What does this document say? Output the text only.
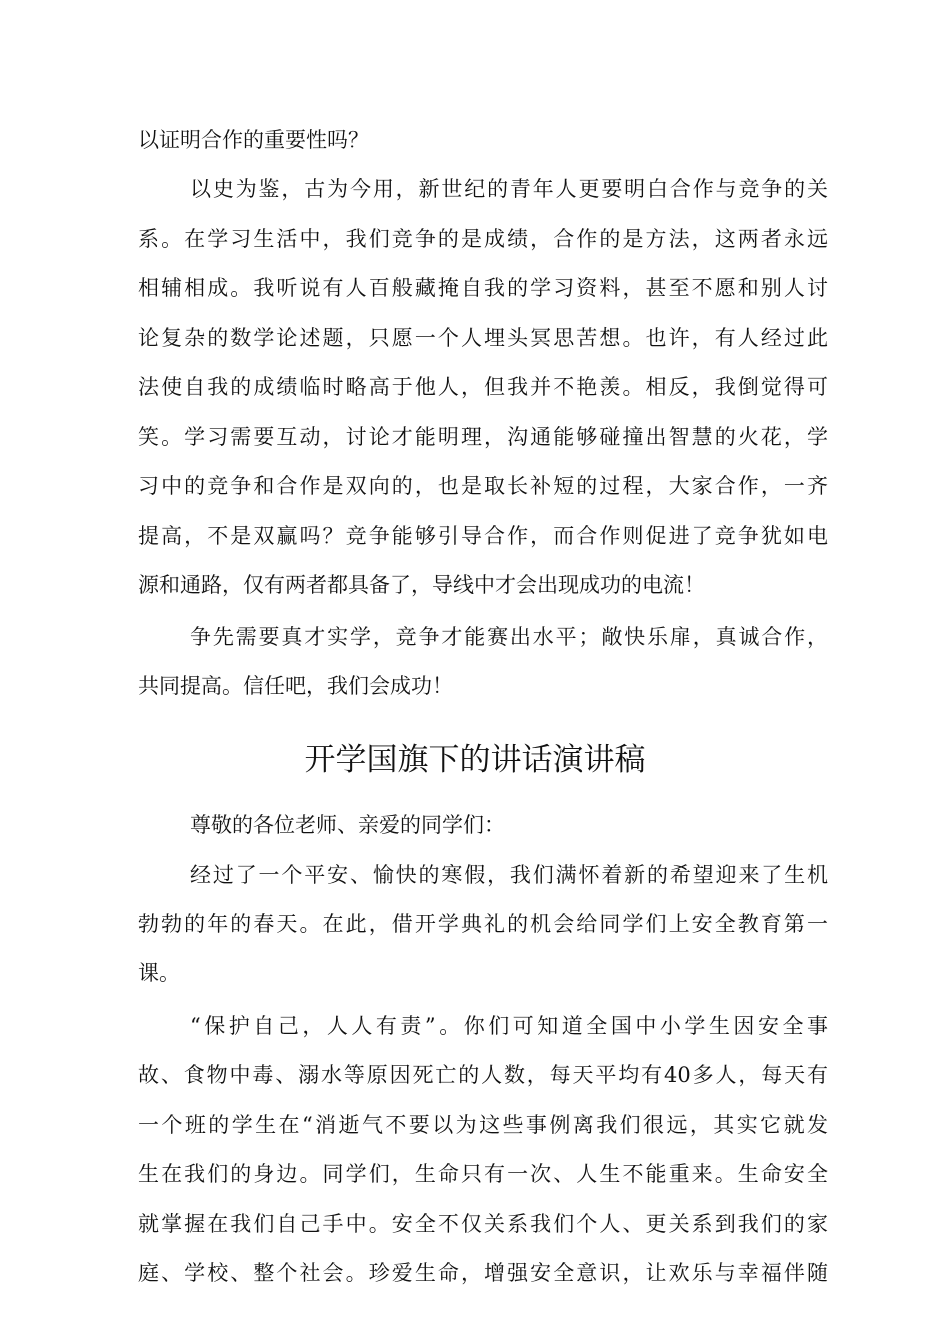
以证明合作的重要性吗？
以史为鉴，古为今用，新世纪的青年人更要明白合作与竞争的关
系。在学习生活中，我们竞争的是成绩，合作的是方法，这两者永远
相辅相成。我听说有人百般藏掩自我的学习资料，甚至不愿和别人讨
论复杂的数学论述题，只愿一个人埋头冥思苦想。也许，有人经过此
法使自我的成绩临时略高于他人，但我并不艳羡。相反，我倒觉得可
笑。学习需要互动，讨论才能明理，沟通能够碰撞出智慧的火花，学
习中的竞争和合作是双向的，也是取长补短的过程，大家合作，一齐
提高，不是双赢吗？竞争能够引导合作，而合作则促进了竞争犹如电
源和通路，仅有两者都具备了，导线中才会出现成功的电流！
争先需要真才实学，竞争才能赛出水平；敞快乐扉，真诚合作，
共同提高。信任吧，我们会成功！
开学国旗下的讲话演讲稿
尊敬的各位老师、亲爱的同学们：
经过了一个平安、愉快的寒假，我们满怀着新的希望迎来了生机
勃勃的年的春天。在此，借开学典礼的机会给同学们上安全教育第一
课。
“保护自己，人人有责”。你们可知道全国中小学生因安全事
故、食物中毒、溺水等原因死亡的人数，每天平均有40多人，每天有
一个班的学生在“消逝气不要以为这些事例离我们很远，其实它就发
生在我们的身边。同学们，生命只有一次、人生不能重来。生命安全
就掌握在我们自己手中。安全不仅关系我们个人、更关系到我们的家
庭、学校、整个社会。珍爱生命，增强安全意识，让欢乐与幸福伴随
